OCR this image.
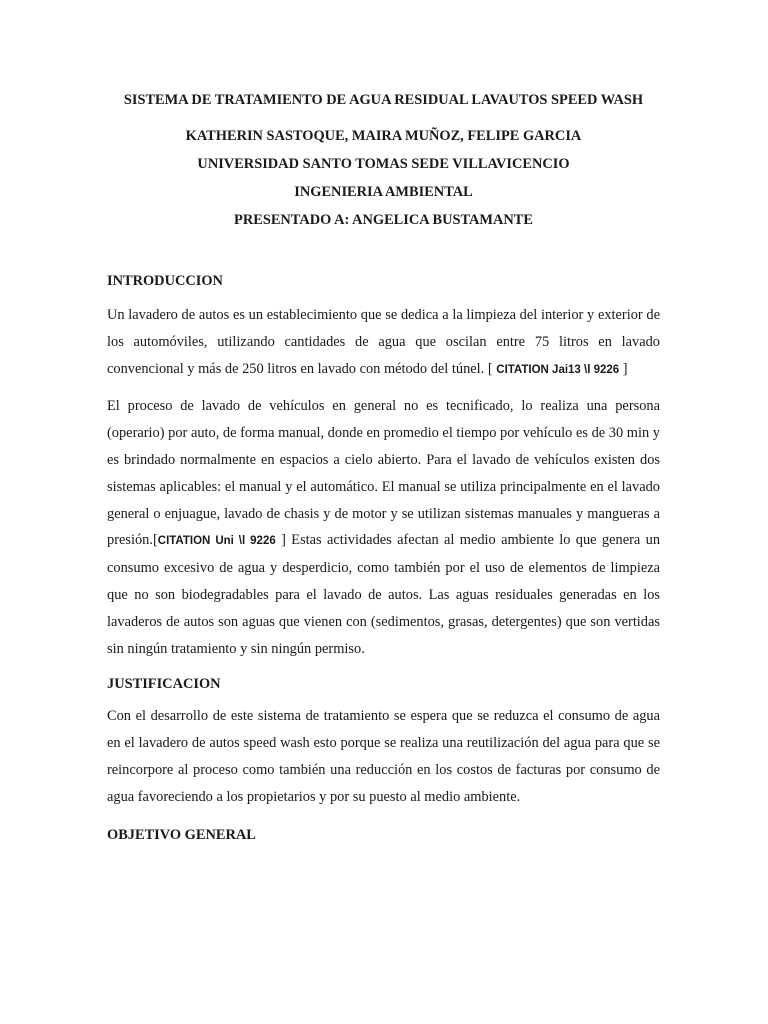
SISTEMA DE TRATAMIENTO DE AGUA RESIDUAL LAVAUTOS SPEED WASH

KATHERIN SASTOQUE, MAIRA MUÑOZ, FELIPE GARCIA

UNIVERSIDAD SANTO TOMAS SEDE VILLAVICENCIO

INGENIERIA AMBIENTAL

PRESENTADO A: ANGELICA BUSTAMANTE

INTRODUCCION

Un lavadero de autos es un establecimiento que se dedica a la limpieza del interior y exterior de los automóviles, utilizando cantidades de agua que oscilan entre 75 litros en lavado convencional y más de 250 litros en lavado con método del túnel. [ CITATION Jai13 \l 9226 ]

El proceso de lavado de vehículos en general no es tecnificado, lo realiza una persona (operario) por auto, de forma manual, donde en promedio el tiempo por vehículo es de 30 min y es brindado normalmente en espacios a cielo abierto. Para el lavado de vehículos existen dos sistemas aplicables: el manual y el automático. El manual se utiliza principalmente en el lavado general o enjuague, lavado de chasis y de motor y se utilizan sistemas manuales y mangueras a presión.[CITATION Uni \l 9226 ] Estas actividades afectan al medio ambiente lo que genera un consumo excesivo de agua y desperdicio, como también por el uso de elementos de limpieza que no son biodegradables para el lavado de autos. Las aguas residuales generadas en los lavaderos de autos son aguas que vienen con (sedimentos, grasas, detergentes) que son vertidas sin ningún tratamiento y sin ningún permiso.

JUSTIFICACION

Con el desarrollo de este sistema de tratamiento se espera que se reduzca el consumo de agua en el lavadero de autos speed wash esto porque se realiza una reutilización del agua para que se reincorpore al proceso como también una reducción en los costos de facturas por consumo de agua favoreciendo a los propietarios y por su puesto al medio ambiente.

OBJETIVO GENERAL
